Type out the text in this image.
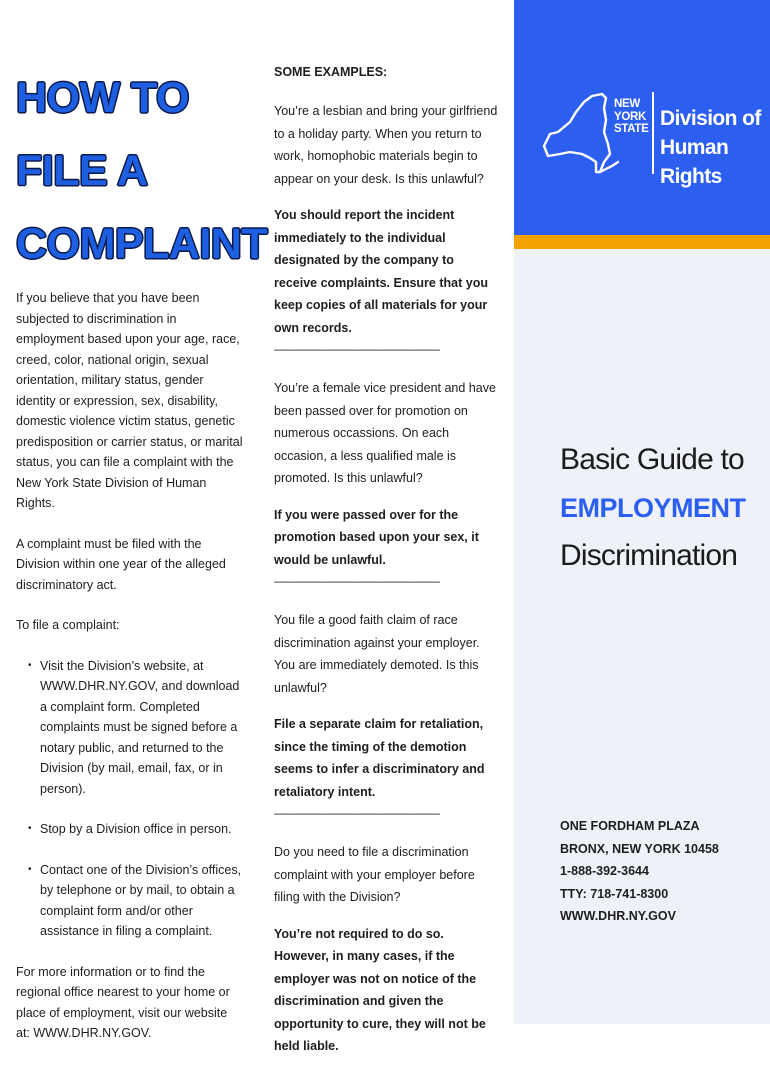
HOW TO

FILE A

COMPLAINT

If you believe that you have been subjected to discrimination in employment based upon your age, race, creed, color, national origin, sexual orientation, military status, gender identity or expression, sex, disability, domestic violence victim status, genetic predisposition or carrier status, or marital status, you can file a complaint with the New York State Division of Human Rights.

A complaint must be filed with the Division within one year of the alleged discriminatory act.

To file a complaint:

• Visit the Division’s website, at WWW.DHR.NY.GOV, and download a complaint form. Completed complaints must be signed before a notary public, and returned to the Division (by mail, email, fax, or in person).
• Stop by a Division office in person.
• Contact one of the Division’s offices, by telephone or by mail, to obtain a complaint form and/or other assistance in filing a complaint.

For more information or to find the regional office nearest to your home or place of employment, visit our website at: WWW.DHR.NY.GOV.

SOME EXAMPLES:

You’re a lesbian and bring your girlfriend to a holiday party. When you return to work, homophobic materials begin to appear on your desk. Is this unlawful?

You should report the incident immediately to the individual designated by the company to receive complaints. Ensure that you keep copies of all materials for your own records.

———————————————

You’re a female vice president and have been passed over for promotion on numerous occassions. On each occasion, a less qualified male is promoted. Is this unlawful?

If you were passed over for the promotion based upon your sex, it would be unlawful.

———————————————

You file a good faith claim of race discrimination against your employer. You are immediately demoted. Is this unlawful?

File a separate claim for retaliation, since the timing of the demotion seems to infer a discriminatory and retaliatory intent.

———————————————

Do you need to file a discrimination complaint with your employer before filing with the Division?

You’re not required to do so. However, in many cases, if the employer was not on notice of the discrimination and given the opportunity to cure, they will not be held liable.

NEW
YORK
STATE Division of
Human Rights
Basic Guide to
EMPLOYMENT
Discrimination
ONE FORDHAM PLAZA
BRONX, NEW YORK 10458
1-888-392-3644
TTY: 718-741-8300
WWW.DHR.NY.GOV
